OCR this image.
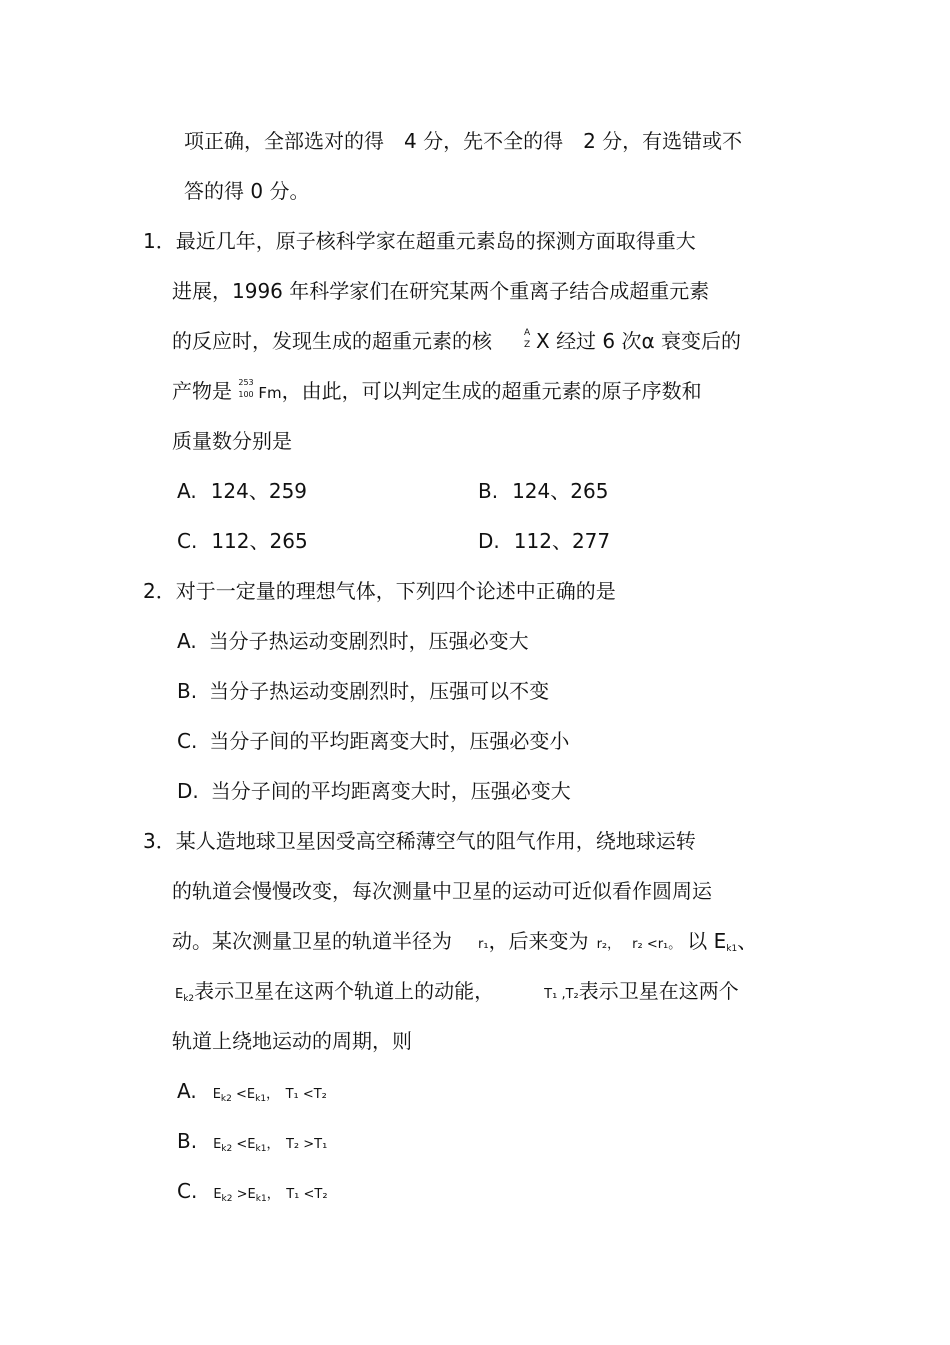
项正确，全部选对的得　4 分，先不全的得　2 分，有选错或不
答的得 0 分。
1．最近几年，原子核科学家在超重元素岛的探测方面取得重大
进展，1996 年科学家们在研究某两个重离子结合成超重元素
的反应时，发现生成的超重元素的核	A
Z X 经过 6 次α 衰变后的
产物是 253
100 Fm，由此，可以判定生成的超重元素的原子序数和
质量数分别是
A. 124、259	B. 124、265
C. 112、265	D. 112、277
2．对于一定量的理想气体，下列四个论述中正确的是
A. 当分子热运动变剧烈时，压强必变大
B. 当分子热运动变剧烈时，压强可以不变
C. 当分子间的平均距离变大时，压强必变小
D. 当分子间的平均距离变大时，压强必变大
3．某人造地球卫星因受高空稀薄空气的阻气作用，绕地球运转
的轨道会慢慢改变，每次测量中卫星的运动可近似看作圆周运
动。某次测量卫星的轨道半径为 r₁，后来变为 r₂， r₂ <r₁。 以 $E_{k1}$、
$E_{k2}$表示卫星在这两个轨道上的动能，	T₁ ,T₂表示卫星在这两个
轨道上绕地运动的周期，则
A. $E_{k2} <E_{k1}$，　T₁ <T₂
B. $E_{k2} <E_{k1}$，　T₂ >T₁
C. $E_{k2} >E_{k1}$，　T₁ <T₂
